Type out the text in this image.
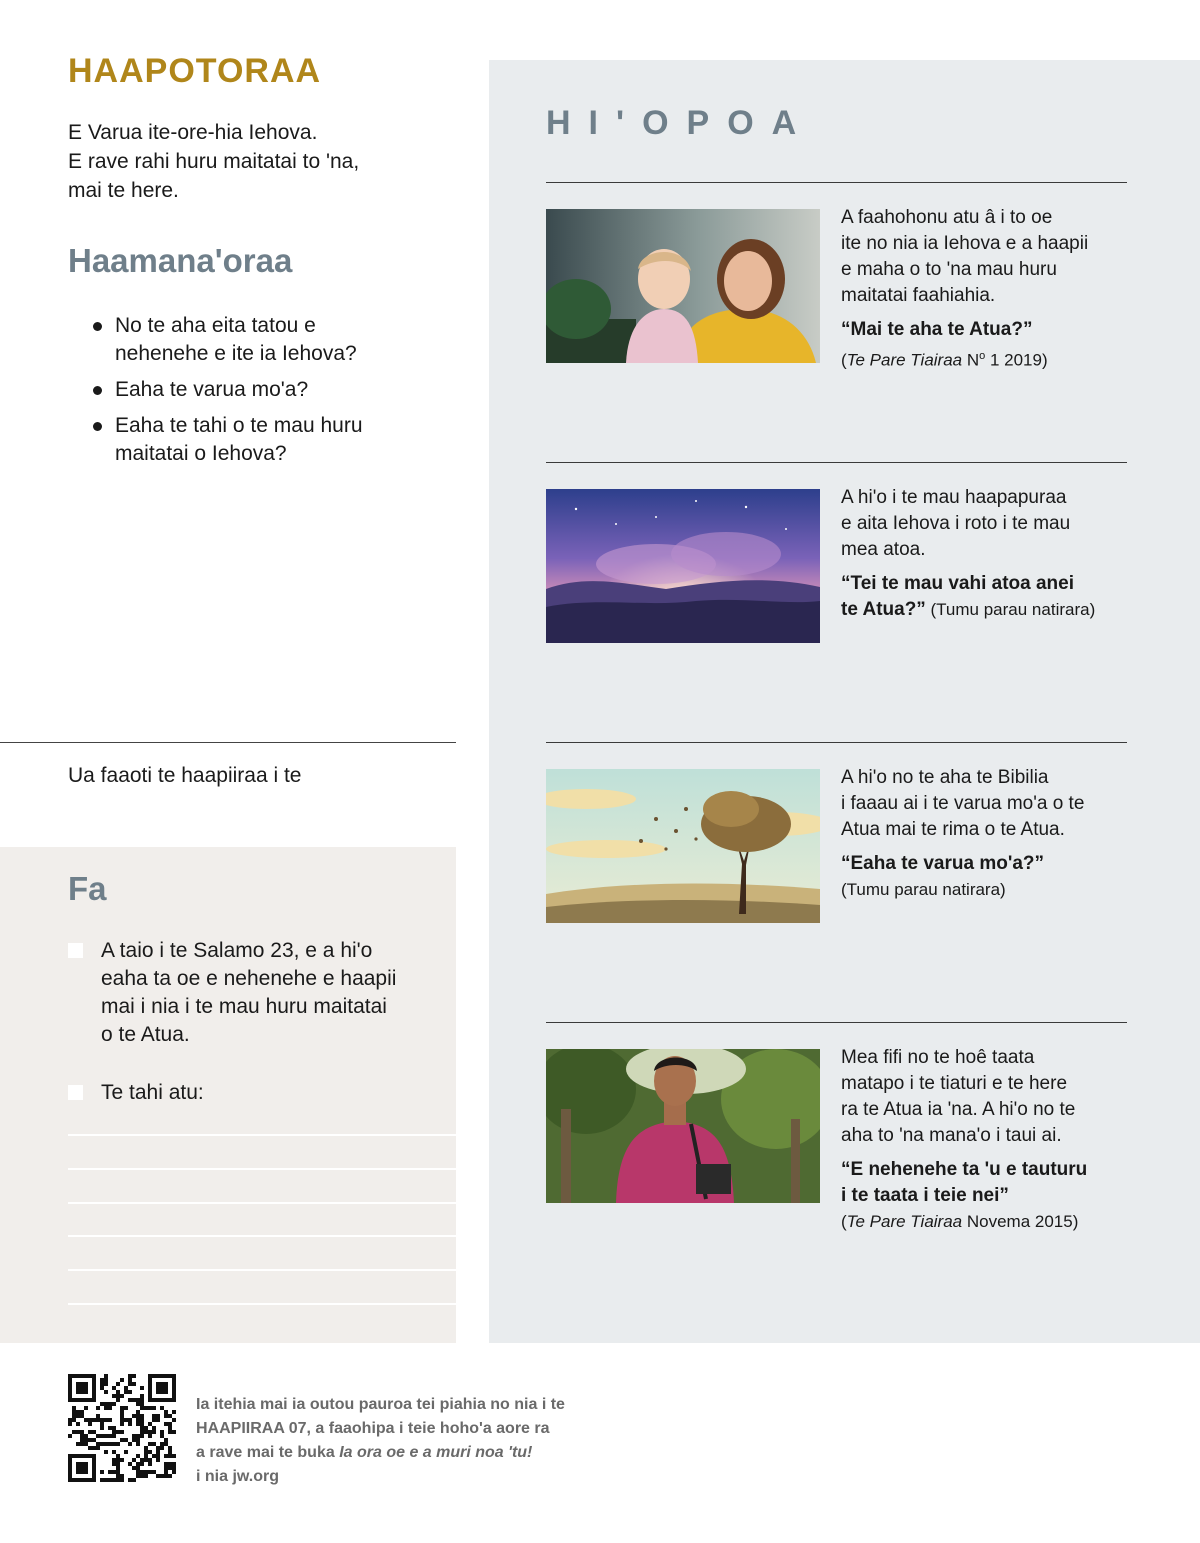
HAAPOTORAA
E Varua ite-ore-hia Iehova.
E rave rahi huru maitatai to 'na,
mai te here.
Haamana'oraa
No te aha eita tatou e
nehenehe e ite ia Iehova?
Eaha te varua mo'a?
Eaha te tahi o te mau huru
maitatai o Iehova?
Ua faaoti te haapiiraa i te
Fa
A taio i te Salamo 23, e a hi'o
eaha ta oe e nehenehe e haapii
mai i nia i te mau huru maitatai
o te Atua.
Te tahi atu:
HI'OPOA
A faahohonu atu â i to oe
ite no nia ia Iehova e a haapii
e maha o to 'na mau huru
maitatai faahiahia.
“Mai te aha te Atua?”
(Te Pare Tiairaa $N^o$ 1 2019)
A hi'o i te mau haapapuraa
e aita Iehova i roto i te mau
mea atoa.
“Tei te mau vahi atoa anei
te Atua?” (Tumu parau natirara)
A hi'o no te aha te Bibilia
i faaau ai i te varua mo'a o te
Atua mai te rima o te Atua.
“Eaha te varua mo'a?”
(Tumu parau natirara)
Mea fifi no te hoê taata
matapo i te tiaturi e te here
ra te Atua ia 'na. A hi'o no te
aha to 'na mana'o i taui ai.
“E nehenehe ta 'u e tauturu
i te taata i teie nei”
(Te Pare Tiairaa Novema 2015)
Ia itehia mai ia outou pauroa tei piahia no nia i te
HAAPIIRAA 07, a faaohipa i teie hoho'a aore ra
a rave mai te buka Ia ora oe e a muri noa 'tu!
i nia jw.org
